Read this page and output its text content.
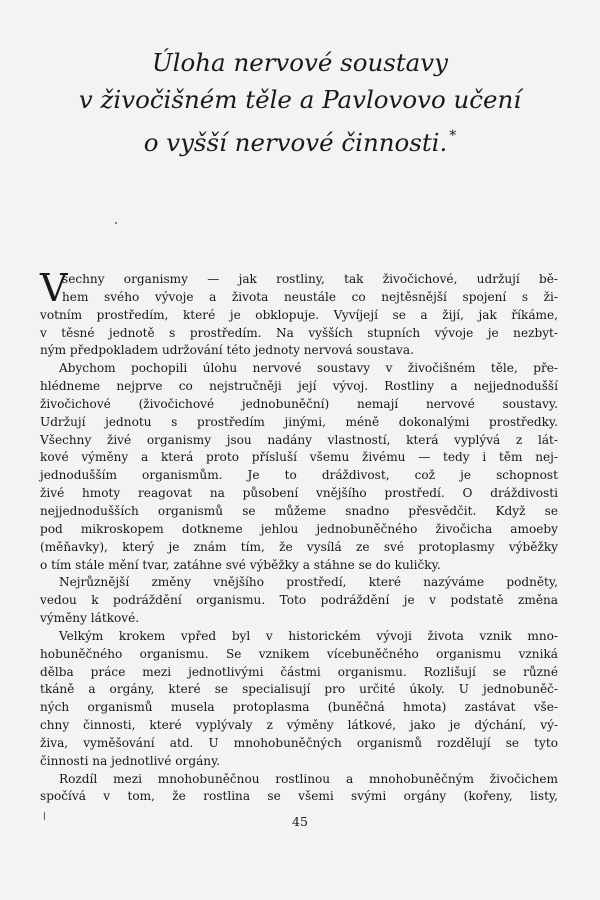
Úloha nervové soustavy
v živočišném těle a Pavlovovo učení
o vyšší nervové činnosti. *
V
šechny organismy — jak rostliny, tak živočichové, udržují bě-
hem svého vývoje a života neustále co nejtěsnější spojení s ži-
votním prostředím, které je obklopuje. Vyvíjejí se a žijí, jak říkáme,
v těsné jednotě s prostředím. Na vyšších stupních vývoje je nezbyt-
ným předpokladem udržování této jednoty nervová soustava.
Abychom pochopili úlohu nervové soustavy v živočišném těle, pře-
hlédneme nejprve co nejstručněji její vývoj. Rostliny a nejjednodušší
živočichové (živočichové jednobuněční) nemají nervové soustavy.
Udržují jednotu s prostředím jinými, méně dokonalými prostředky.
Všechny živé organismy jsou nadány vlastností, která vyplývá z lát-
kové výměny a která proto přísluší všemu živému — tedy i těm nej-
jednodušším organismům. Je to dráždivost, což je schopnost
živé hmoty reagovat na působení vnějšího prostředí. O dráždivosti
nejjednodušších organismů se můžeme snadno přesvědčit. Když se
pod mikroskopem dotkneme jehlou jednobuněčného živočicha amoeby
(měňavky), který je znám tím, že vysílá ze své protoplasmy výběžky
o tím stále mění tvar, zatáhne své výběžky a stáhne se do kuličky.
Nejrůznější změny vnějšího prostředí, které nazýváme podněty,
vedou k podráždění organismu. Toto podráždění je v podstatě změna
výměny látkové.
Velkým krokem vpřed byl v historickém vývoji života vznik mno-
hobuněčného organismu. Se vznikem vícebuněčného organismu vzniká
dělba práce mezi jednotlivými částmi organismu. Rozlišují se různé
tkáně a orgány, které se specialisují pro určité úkoly. U jednobuněč-
ných organismů musela protoplasma (buněčná hmota) zastávat vše-
chny činnosti, které vyplývaly z výměny látkové, jako je dýchání, vý-
živa, vyměšování atd. U mnohobuněčných organismů rozdělují se tyto
činnosti na jednotlivé orgány.
Rozdíl mezi mnohobuněčnou rostlinou a mnohobuněčným živočichem
spočívá v tom, že rostlina se všemi svými orgány (kořeny, listy,
45
